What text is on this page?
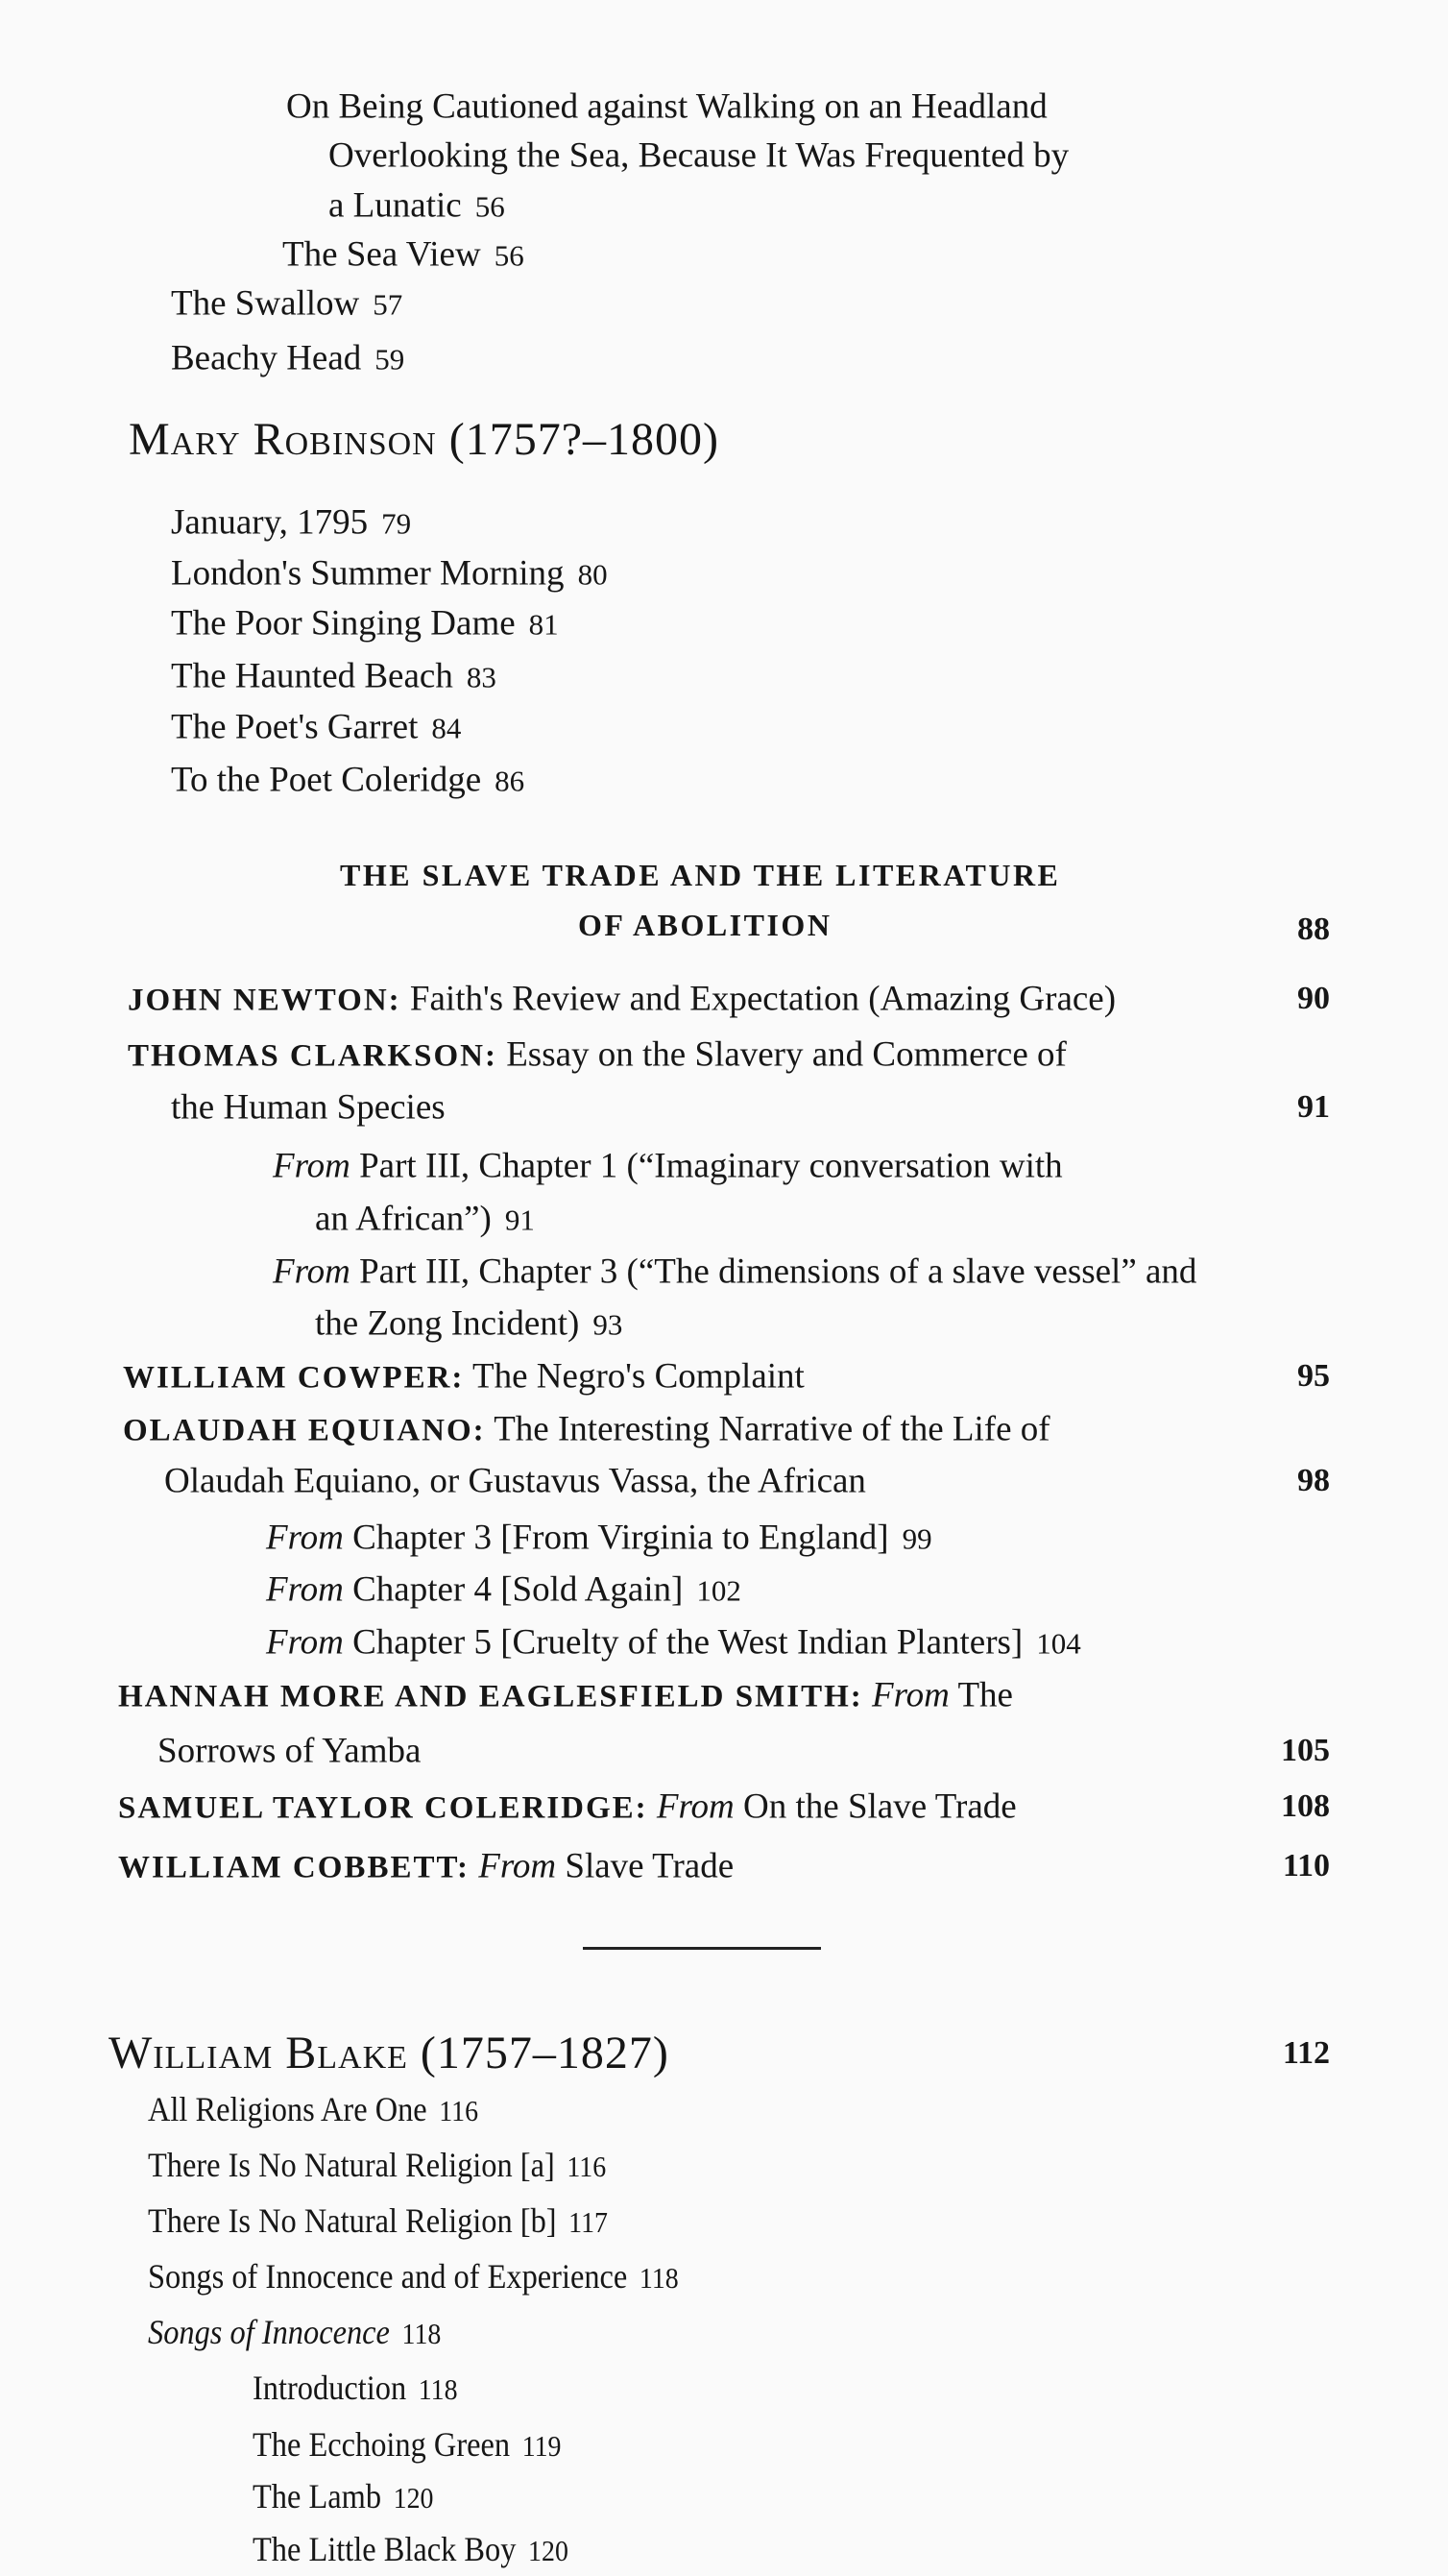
On Being Cautioned against Walking on an Headland
Overlooking the Sea, Because It Was Frequented by
a Lunatic 56
The Sea View 56
The Swallow 57
Beachy Head 59
Mary Robinson (1757?–1800)
January, 1795 79
London's Summer Morning 80
The Poor Singing Dame 81
The Haunted Beach 83
The Poet's Garret 84
To the Poet Coleridge 86
THE SLAVE TRADE AND THE LITERATURE
OF ABOLITION	88
JOHN NEWTON: Faith's Review and Expectation (Amazing Grace)	90
THOMAS CLARKSON: Essay on the Slavery and Commerce of
the Human Species	91
From Part III, Chapter 1 (“Imaginary conversation with
an African”) 91
From Part III, Chapter 3 (“The dimensions of a slave vessel” and
the Zong Incident) 93
WILLIAM COWPER: The Negro's Complaint	95
OLAUDAH EQUIANO: The Interesting Narrative of the Life of
Olaudah Equiano, or Gustavus Vassa, the African	98
From Chapter 3 [From Virginia to England] 99
From Chapter 4 [Sold Again] 102
From Chapter 5 [Cruelty of the West Indian Planters] 104
HANNAH MORE AND EAGLESFIELD SMITH: From The
Sorrows of Yamba	105
SAMUEL TAYLOR COLERIDGE: From On the Slave Trade	108
WILLIAM COBBETT: From Slave Trade	110
William Blake (1757–1827)	112
All Religions Are One 116
There Is No Natural Religion [a] 116
There Is No Natural Religion [b] 117
Songs of Innocence and of Experience 118
Songs of Innocence 118
Introduction 118
The Ecchoing Green 119
The Lamb 120
The Little Black Boy 120
